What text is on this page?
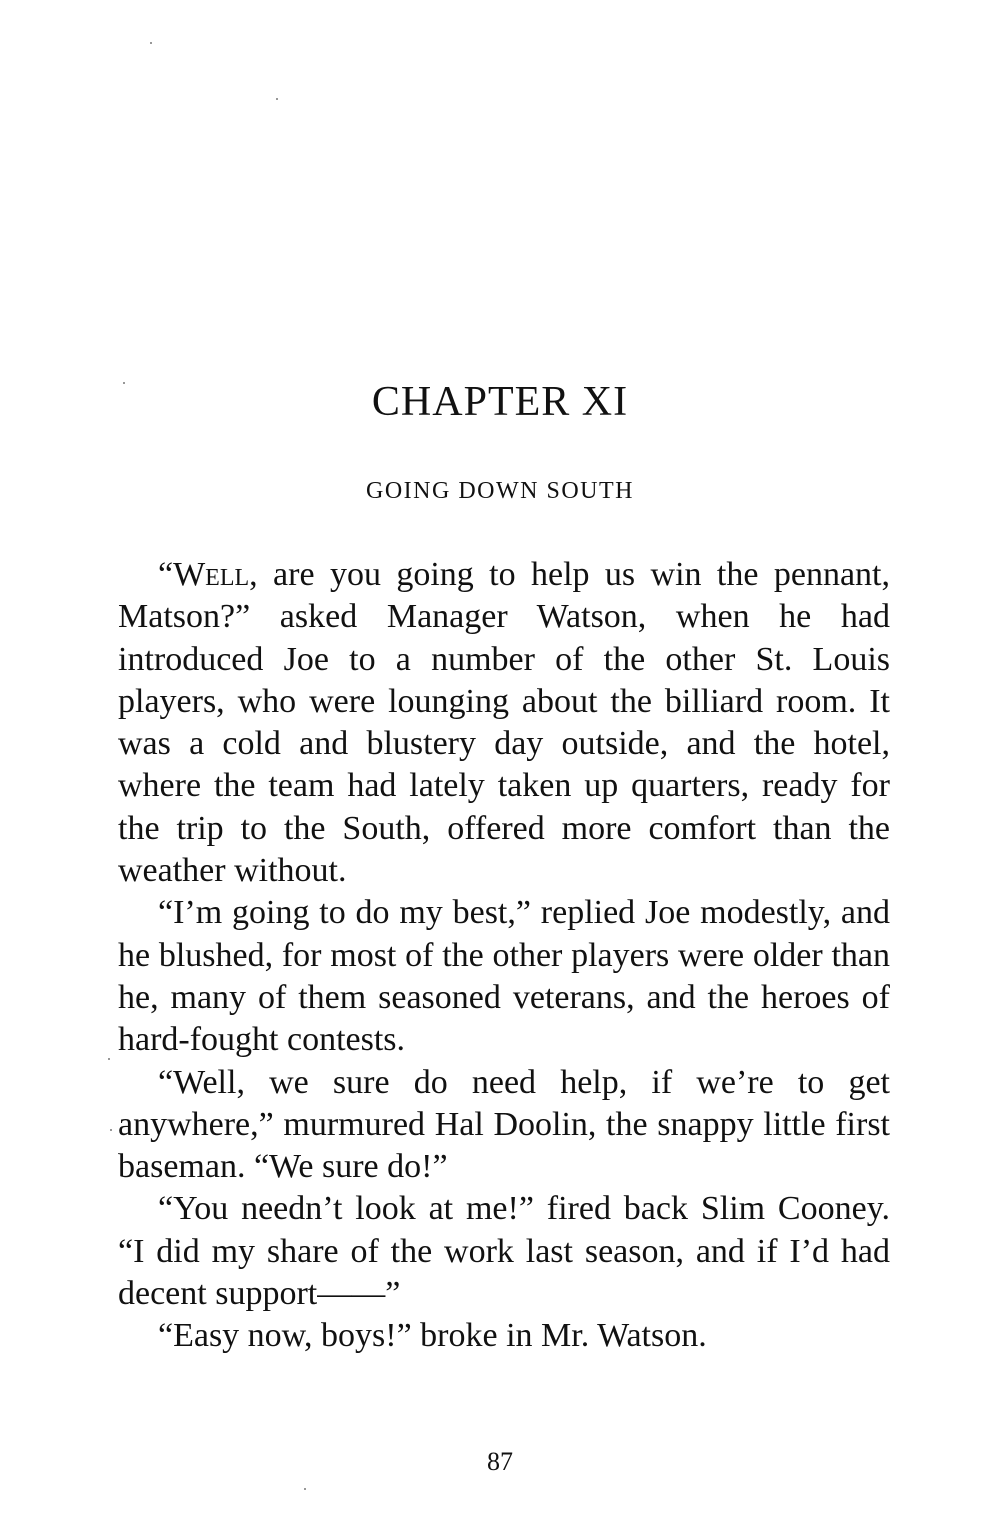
CHAPTER XI
GOING DOWN SOUTH

“Well, are you going to help us win the pennant, Matson?” asked Manager Watson, when he had introduced Joe to a number of the other St. Louis players, who were lounging about the billiard room. It was a cold and blustery day outside, and the hotel, where the team had lately taken up quarters, ready for the trip to the South, offered more comfort than the weather without.

“I’m going to do my best,” replied Joe modestly, and he blushed, for most of the other players were older than he, many of them seasoned veterans, and the heroes of hard-fought contests.

“Well, we sure do need help, if we’re to get anywhere,” murmured Hal Doolin, the snappy little first baseman. “We sure do!”

“You needn’t look at me!” fired back Slim Cooney. “I did my share of the work last season, and if I’d had decent support——”

“Easy now, boys!” broke in Mr. Watson.

87
